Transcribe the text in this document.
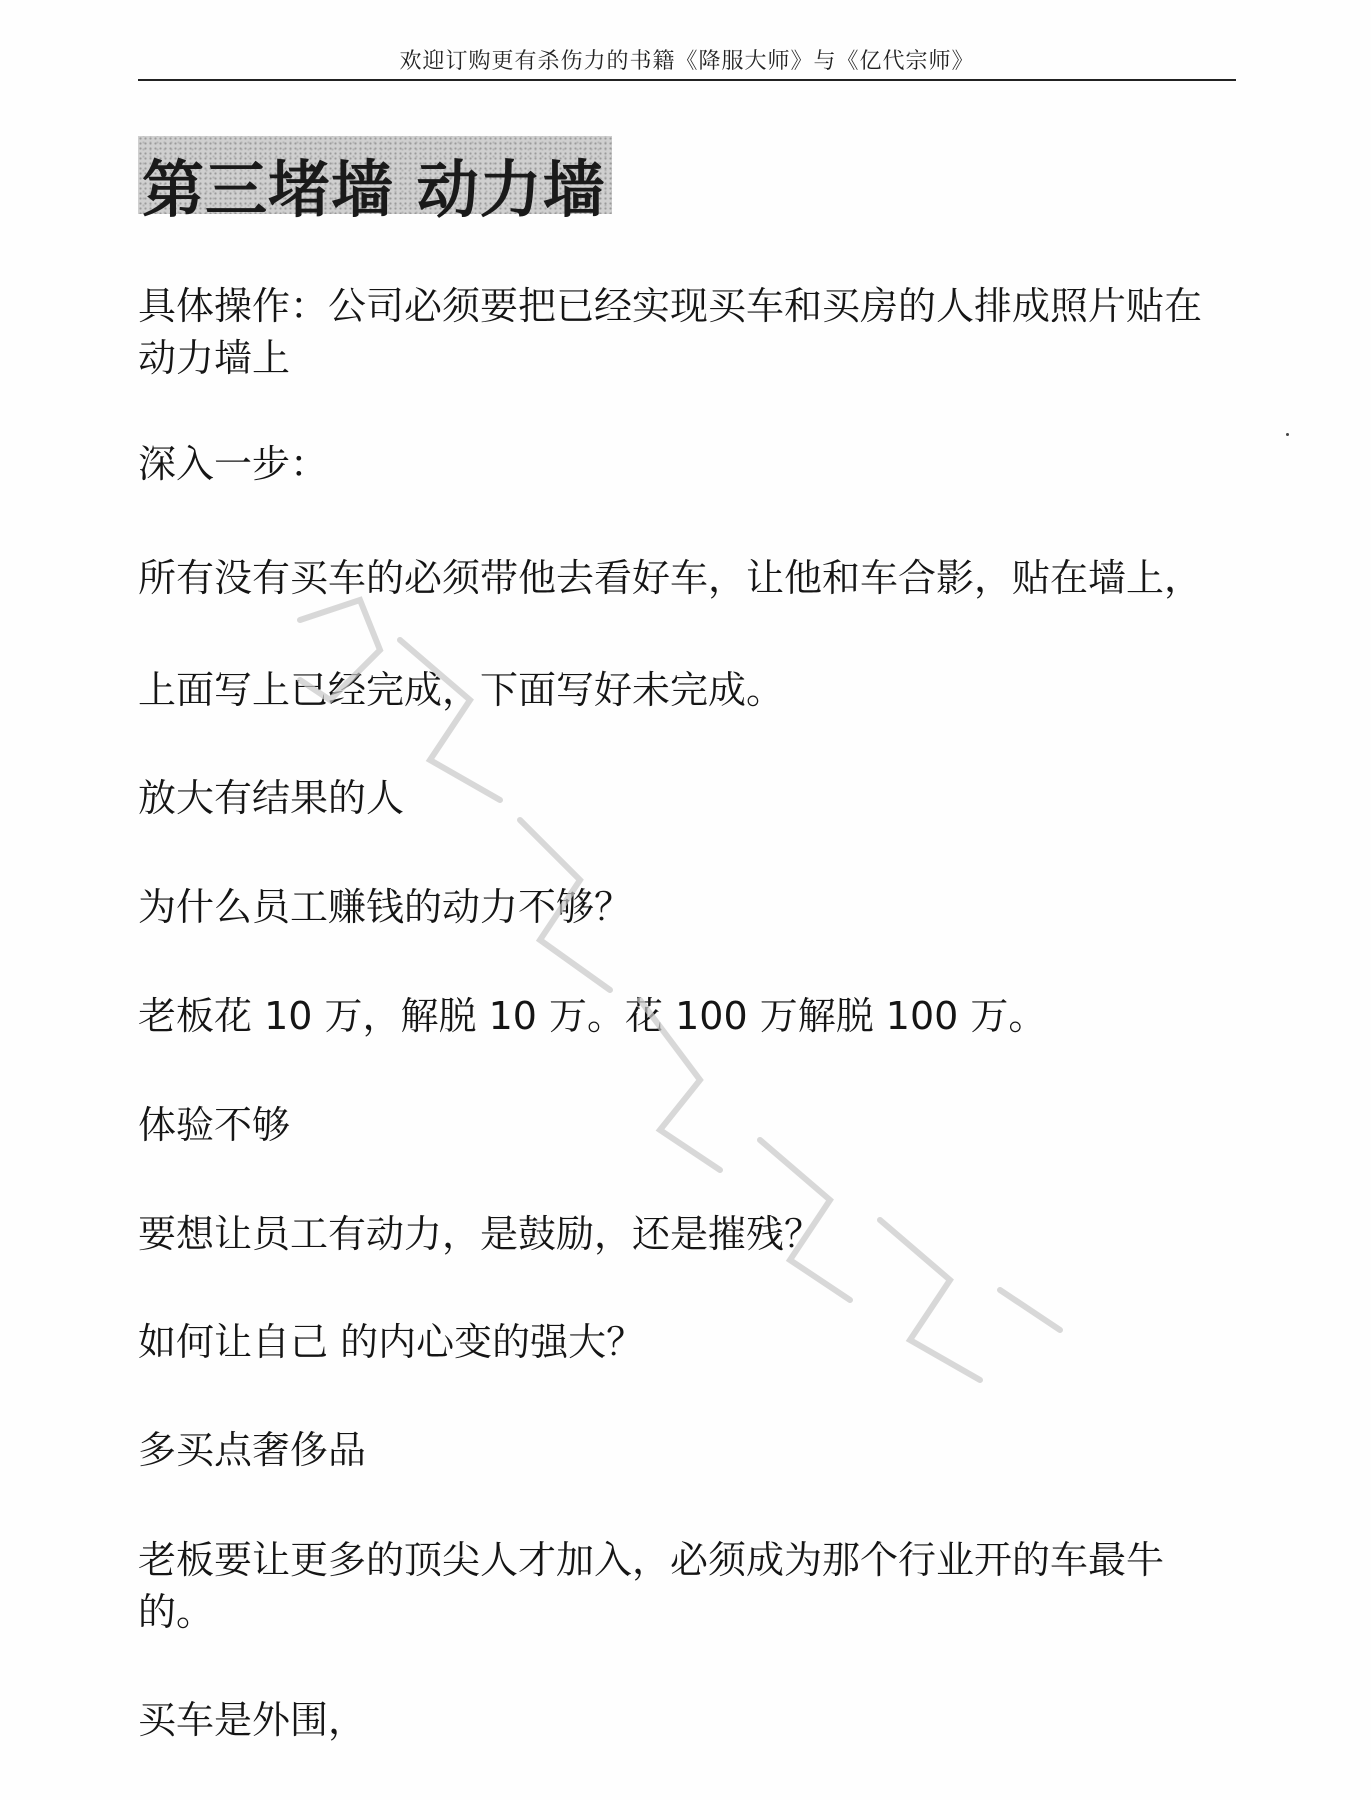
欢迎订购更有杀伤力的书籍《降服大师》与《亿代宗师》
第三堵墙 动力墙
具体操作：公司必须要把已经实现买车和买房的人排成照片贴在动力墙上
深入一步：
所有没有买车的必须带他去看好车，让他和车合影，贴在墙上，
上面写上已经完成，下面写好未完成。
放大有结果的人
为什么员工赚钱的动力不够？
老板花 10 万，解脱 10 万。花 100 万解脱 100 万。
体验不够
要想让员工有动力，是鼓励，还是摧残？
如何让自己 的内心变的强大？
多买点奢侈品
老板要让更多的顶尖人才加入，必须成为那个行业开的车最牛的。
买车是外围，
